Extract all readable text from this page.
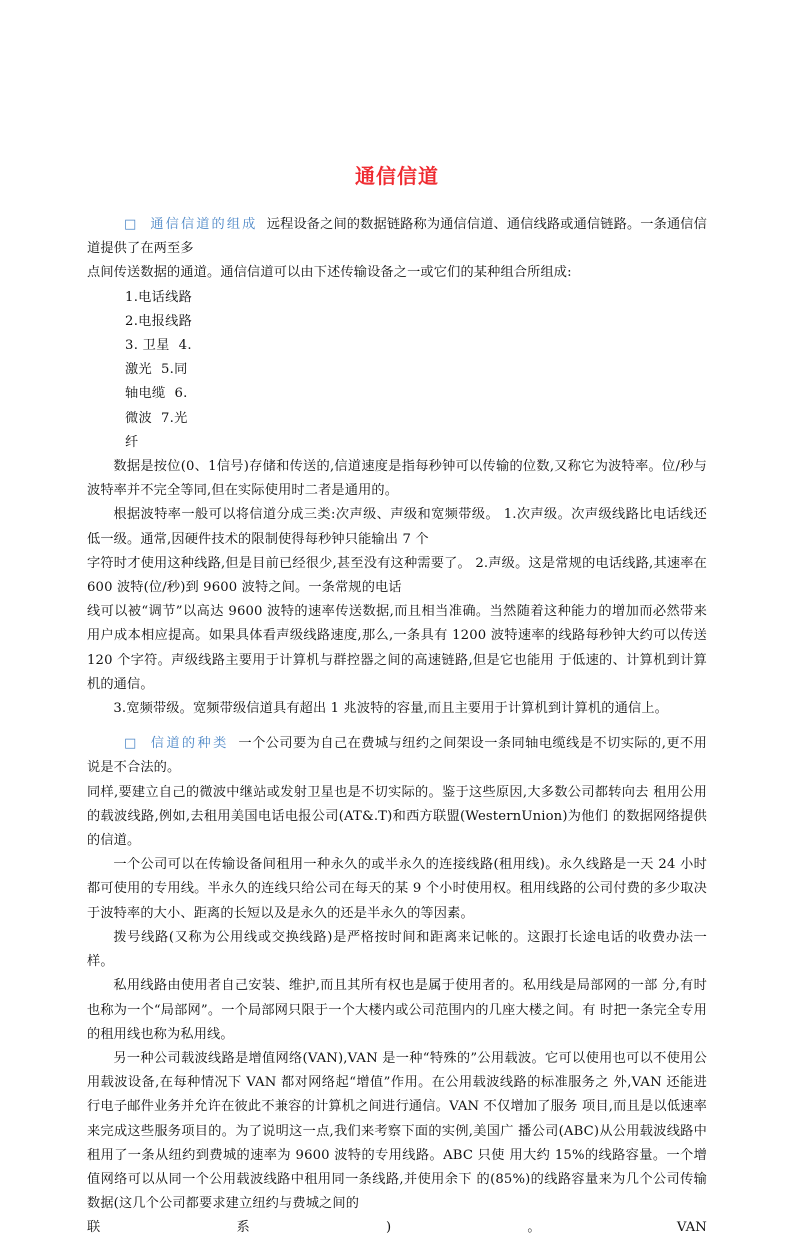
通信信道

□ 通信信道的组成 远程设备之间的数据链路称为通信信道、通信线路或通信链路。一条通信信道提供了在两至多

点间传送数据的通道。通信信道可以由下述传输设备之一或它们的某种组合所组成:

1.电话线路
2.电报线路
3. 卫星  4.
激光  5.同
轴电缆  6.
微波  7.光
纤

数据是按位(0、1信号)存储和传送的,信道速度是指每秒钟可以传输的位数,又称它为波特率。位/秒与波特率并不完全等同,但在实际使用时二者是通用的。

根据波特率一般可以将信道分成三类:次声级、声级和宽频带级。 1.次声级。次声级线路比电话线还低一级。通常,因硬件技术的限制使得每秒钟只能输出 7 个

字符时才使用这种线路,但是目前已经很少,甚至没有这种需要了。 2.声级。这是常规的电话线路,其速率在 600 波特(位/秒)到 9600 波特之间。一条常规的电话

线可以被“调节”以高达 9600 波特的速率传送数据,而且相当准确。当然随着这种能力的增加而必然带来用户成本相应提高。如果具体看声级线路速度,那么,一条具有 1200 波特速率的线路每秒钟大约可以传送 120 个字符。声级线路主要用于计算机与群控器之间的高速链路,但是它也能用 于低速的、计算机到计算机的通信。

3.宽频带级。宽频带级信道具有超出 1 兆波特的容量,而且主要用于计算机到计算机的通信上。

□ 信道的种类 一个公司要为自己在费城与纽约之间架设一条同轴电缆线是不切实际的,更不用说是不合法的。

同样,要建立自己的微波中继站或发射卫星也是不切实际的。鉴于这些原因,大多数公司都转向去 租用公用的载波线路,例如,去租用美国电话电报公司(AT&.T)和西方联盟(WesternUnion)为他们 的数据网络提供的信道。

一个公司可以在传输设备间租用一种永久的或半永久的连接线路(租用线)。永久线路是一天 24 小时都可使用的专用线。半永久的连线只给公司在每天的某 9 个小时使用权。租用线路的公司付费的多少取决于波特率的大小、距离的长短以及是永久的还是半永久的等因素。

拨号线路(又称为公用线或交换线路)是严格按时间和距离来记帐的。这跟打长途电话的收费办法一样。

私用线路由使用者自己安装、维护,而且其所有权也是属于使用者的。私用线是局部网的一部 分,有时也称为一个“局部网”。一个局部网只限于一个大楼内或公司范围内的几座大楼之间。有 时把一条完全专用的租用线也称为私用线。

另一种公司载波线路是增值网络(VAN),VAN 是一种“特殊的”公用载波。它可以使用也可以不使用公用载波设备,在每种情况下 VAN 都对网络起“增值”作用。在公用载波线路的标准服务之 外,VAN 还能进行电子邮件业务并允许在彼此不兼容的计算机之间进行通信。VAN 不仅增加了服务 项目,而且是以低速率来完成这些服务项目的。为了说明这一点,我们来考察下面的实例,美国广 播公司(ABC)从公用载波线路中租用了一条从纽约到费城的速率为 9600 波特的专用线路。ABC 只使 用大约 15%的线路容量。一个增值网络可以从同一个公用载波线路中租用同一条线路,并使用余下 的(85%)的线路容量来为几个公司传输数据(这几个公司都要求建立纽约与费城之间的

联	系	)	。	VAN
